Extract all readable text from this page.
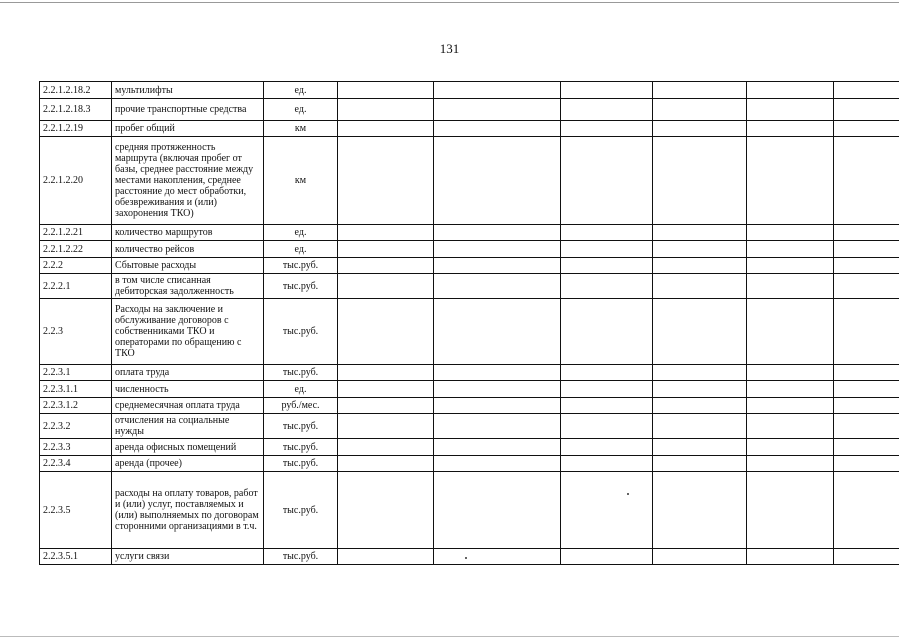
131
2.2.1.2.18.2	мультилифты	ед.						
2.2.1.2.18.3	прочие транспортные средства	ед.						
2.2.1.2.19	пробег общий	км						
2.2.1.2.20	средняя протяженность маршрута (включая пробег от базы, среднее расстояние между местами накопления, среднее расстояние до мест обработки, обезвреживания и (или) захоронения ТКО)	км						
2.2.1.2.21	количество маршрутов	ед.						
2.2.1.2.22	количество рейсов	ед.						
2.2.2	Сбытовые расходы	тыс.руб.						
2.2.2.1	в том числе списанная дебиторская задолженность	тыс.руб.						
2.2.3	Расходы на заключение и обслуживание договоров с собственниками ТКО и операторами по обращению с ТКО	тыс.руб.						
2.2.3.1	оплата труда	тыс.руб.						
2.2.3.1.1	численность	ед.						
2.2.3.1.2	среднемесячная оплата труда	руб./мес.						
2.2.3.2	отчисления на социальные нужды	тыс.руб.						
2.2.3.3	аренда офисных помещений	тыс.руб.						
2.2.3.4	аренда (прочее)	тыс.руб.						
2.2.3.5	расходы на оплату товаров, работ и (или) услуг, поставляемых и (или) выполняемых по договорам сторонними организациями в т.ч.	тыс.руб.						
2.2.3.5.1	услуги связи	тыс.руб.						
